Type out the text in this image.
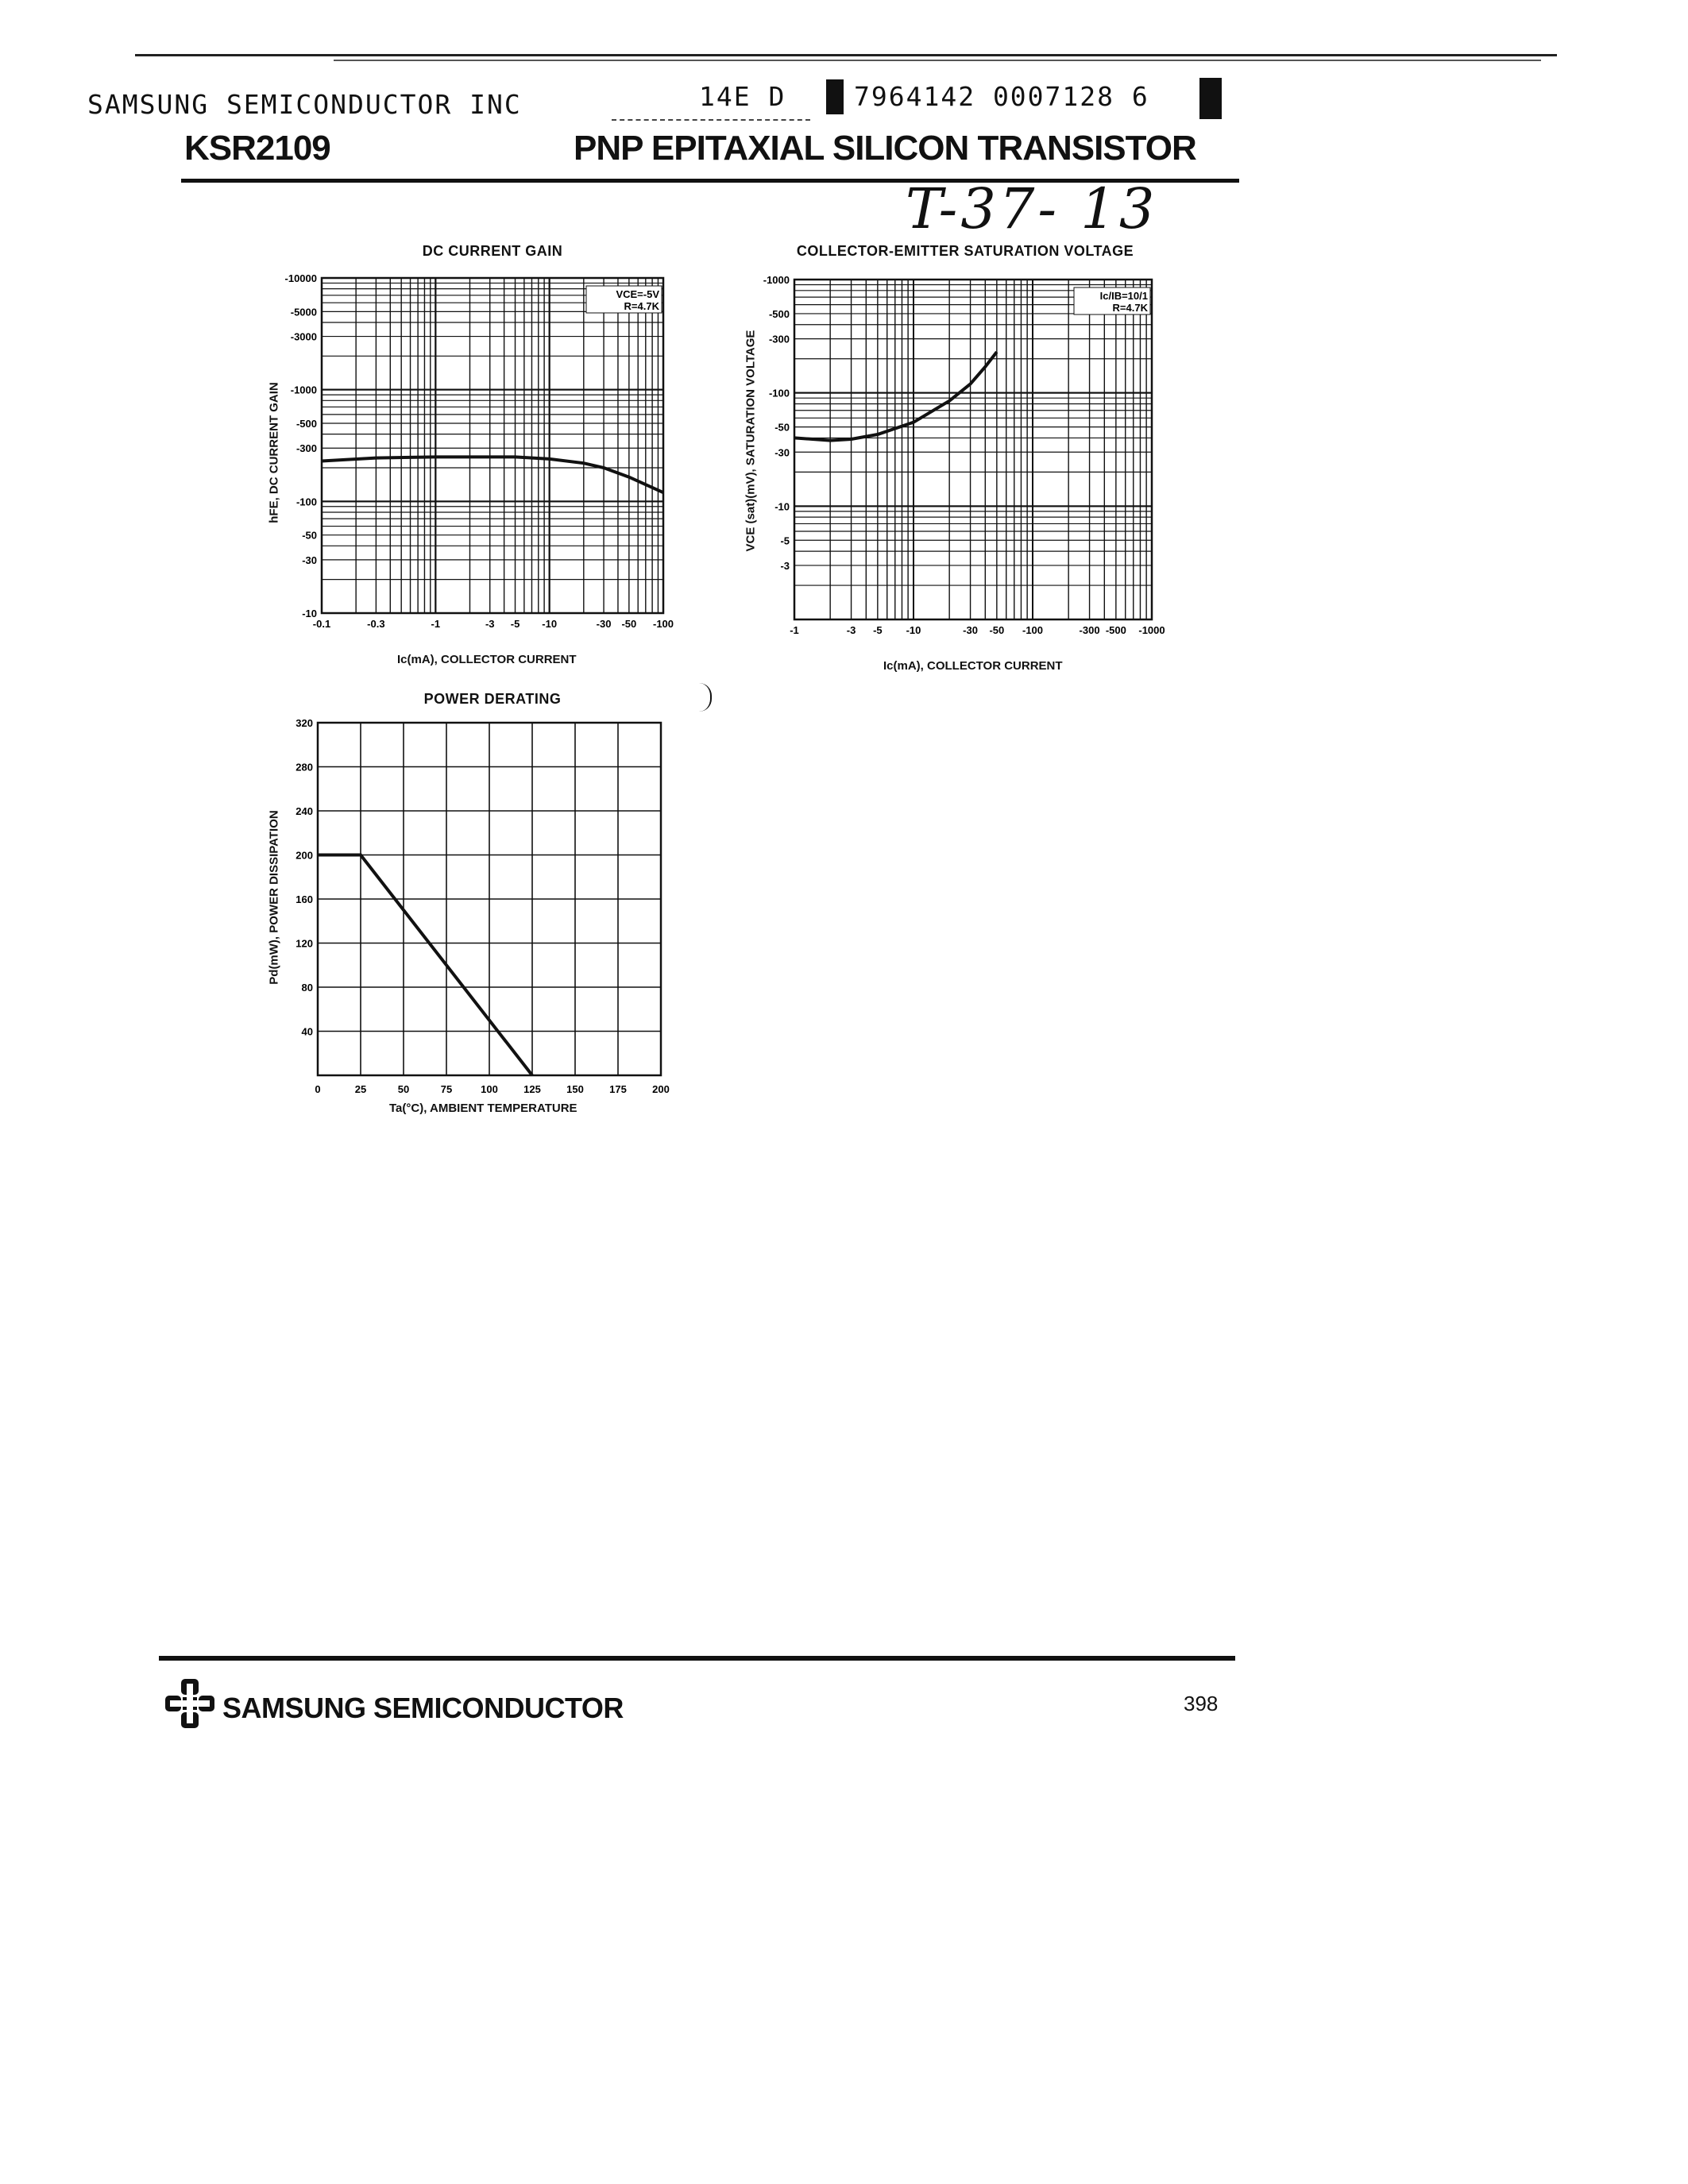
SAMSUNG SEMICONDUCTOR INC	14E D	7964142 0007128 6
KSR2109	PNP EPITAXIAL SILICON TRANSISTOR
T-37- 13
DC CURRENT GAIN	COLLECTOR-EMITTER SATURATION VOLTAGE
POWER DERATING
-10000
-5000
-3000
-1000
-500
-300
-100
-50
-30
-10
-0.1	-0.3	-1	-3 -5 -10	-30 -50 -100
VCE=-5V
R=4.7K
Ic(mA), COLLECTOR CURRENT
hFE, DC CURRENT GAIN
-1000
-500
-300
-100
-50
-30
-10
-5
-3
-1	-3 -5 -10	-30 -50 -100	-300 -500 -1000
Ic/IB=10/1
R=4.7K
Ic(mA), COLLECTOR CURRENT
VCE (sat)(mV), SATURATION VOLTAGE
320
280
240
200
160
120
80
40
0	25	50	75	100 125 150 175 200
Ta(°C), AMBIENT TEMPERATURE
Pd(mW), POWER DISSIPATION
SAMSUNG SEMICONDUCTOR	398
